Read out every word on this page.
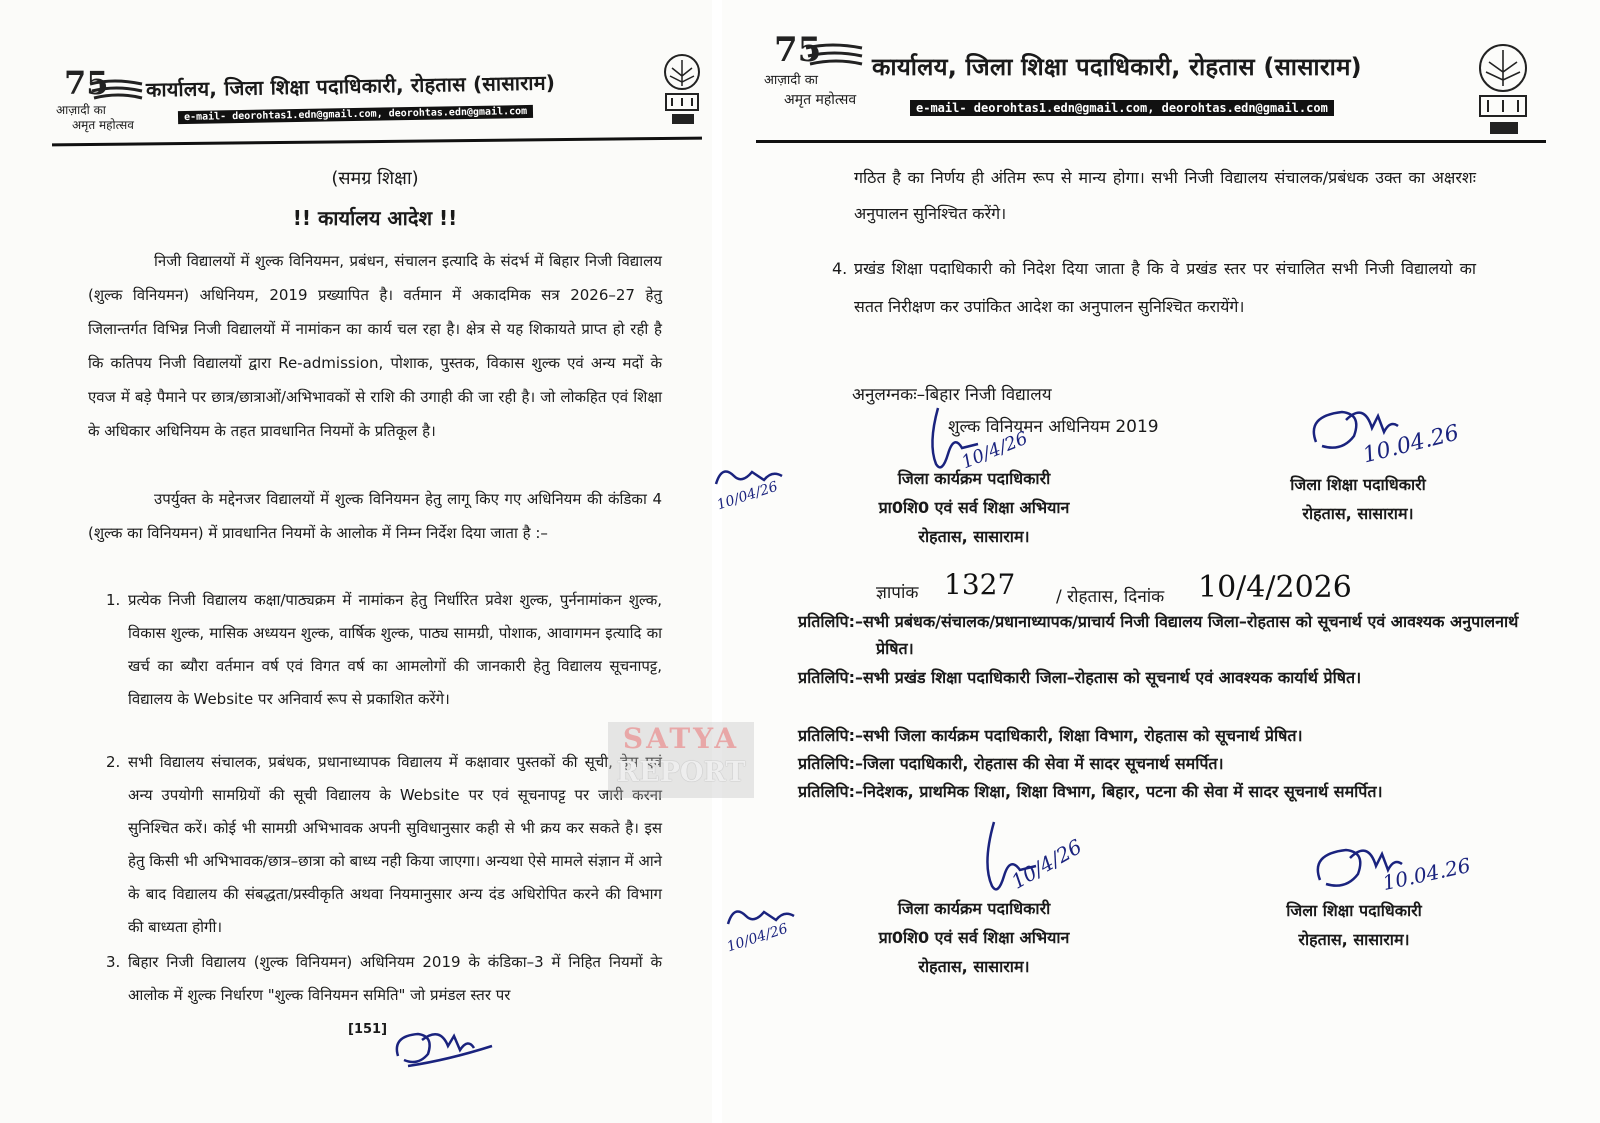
75
आज़ादी का
अमृत महोत्सव
कार्यालय, जिला शिक्षा पदाधिकारी, रोहतास (सासाराम)
e-mail- deorohtas1.edn@gmail.com, deorohtas.edn@gmail.com
(समग्र शिक्षा)
!! कार्यालय आदेश !!
निजी विद्यालयों में शुल्क विनियमन, प्रबंधन, संचालन इत्यादि के संदर्भ में बिहार निजी विद्यालय (शुल्क विनियमन) अधिनियम, 2019 प्रख्यापित है। वर्तमान में अकादमिक सत्र 2026–27 हेतु जिलान्तर्गत विभिन्न निजी विद्यालयों में नामांकन का कार्य चल रहा है। क्षेत्र से यह शिकायते प्राप्त हो रही है कि कतिपय निजी विद्यालयों द्वारा Re-admission, पोशाक, पुस्तक, विकास शुल्क एवं अन्य मदों के एवज में बड़े पैमाने पर छात्र/छात्राओं/अभिभावकों से राशि की उगाही की जा रही है। जो लोकहित एवं शिक्षा के अधिकार अधिनियम के तहत प्रावधानित नियमों के प्रतिकूल है।
उपर्युक्त के मद्देनजर विद्यालयों में शुल्क विनियमन हेतु लागू किए गए अधिनियम की कंडिका 4 (शुल्क का विनियमन) में प्रावधानित नियमों के आलोक में निम्न निर्देश दिया जाता है :–
1. प्रत्येक निजी विद्यालय कक्षा/पाठ्यक्रम में नामांकन हेतु निर्धारित प्रवेश शुल्क, पुर्ननामांकन शुल्क, विकास शुल्क, मासिक अध्ययन शुल्क, वार्षिक शुल्क, पाठ्य सामग्री, पोशाक, आवागमन इत्यादि का खर्च का ब्यौरा वर्तमान वर्ष एवं विगत वर्ष का आमलोगों की जानकारी हेतु विद्यालय सूचनापट्ट, विद्यालय के Website पर अनिवार्य रूप से प्रकाशित करेंगे।
2. सभी विद्यालय संचालक, प्रबंधक, प्रधानाध्यापक विद्यालय में कक्षावार पुस्तकों की सूची, ड्रेस एवं अन्य उपयोगी सामग्रियों की सूची विद्यालय के Website पर एवं सूचनापट्ट पर जारी करना सुनिश्चित करें। कोई भी सामग्री अभिभावक अपनी सुविधानुसार कही से भी क्रय कर सकते है। इस हेतु किसी भी अभिभावक/छात्र–छात्रा को बाध्य नही किया जाएगा। अन्यथा ऐसे मामले संज्ञान में आने के बाद विद्यालय की संबद्धता/प्रस्वीकृति अथवा नियमानुसार अन्य दंड अधिरोपित करने की विभाग की बाध्यता होगी।
3. बिहार निजी विद्यालय (शुल्क विनियमन) अधिनियम 2019 के कंडिका–3 में निहित नियमों के आलोक में शुल्क निर्धारण "शुल्क विनियमन समिति" जो प्रमंडल स्तर पर
[151]
75
आज़ादी का
अमृत महोत्सव
कार्यालय, जिला शिक्षा पदाधिकारी, रोहतास (सासाराम)
e-mail- deorohtas1.edn@gmail.com, deorohtas.edn@gmail.com
गठित है का निर्णय ही अंतिम रूप से मान्य होगा। सभी निजी विद्यालय संचालक/प्रबंधक उक्त का अक्षरशः अनुपालन सुनिश्चित करेंगे।
4. प्रखंड शिक्षा पदाधिकारी को निदेश दिया जाता है कि वे प्रखंड स्तर पर संचालित सभी निजी विद्यालयो का सतत निरीक्षण कर उपांकित आदेश का अनुपालन सुनिश्चित करायेंगे।
अनुलग्नकः–बिहार निजी विद्यालय
शुल्क विनियमन अधिनियम 2019
10/4/26
जिला कार्यक्रम पदाधिकारी
प्रा0शि0 एवं सर्व शिक्षा अभियान
रोहतास, सासाराम।
10.04.26
जिला शिक्षा पदाधिकारी
रोहतास, सासाराम।
ज्ञापांक 1327 / रोहतास, दिनांक 10/4/2026
प्रतिलिपि:–सभी प्रबंधक/संचालक/प्रधानाध्यापक/प्राचार्य निजी विद्यालय जिला–रोहतास को सूचनार्थ एवं आवश्यक अनुपालनार्थ प्रेषित।
प्रतिलिपि:–सभी प्रखंड शिक्षा पदाधिकारी जिला–रोहतास को सूचनार्थ एवं आवश्यक कार्यार्थ प्रेषित।
प्रतिलिपि:–सभी जिला कार्यक्रम पदाधिकारी, शिक्षा विभाग, रोहतास को सूचनार्थ प्रेषित।
प्रतिलिपि:–जिला पदाधिकारी, रोहतास की सेवा में सादर सूचनार्थ समर्पित।
प्रतिलिपि:–निदेशक, प्राथमिक शिक्षा, शिक्षा विभाग, बिहार, पटना की सेवा में सादर सूचनार्थ समर्पित।
10/4/26
जिला कार्यक्रम पदाधिकारी
प्रा0शि0 एवं सर्व शिक्षा अभियान
रोहतास, सासाराम।
10.04.26
जिला शिक्षा पदाधिकारी
रोहतास, सासाराम।
10/04/26
10/04/26
SATYA
REPORT
